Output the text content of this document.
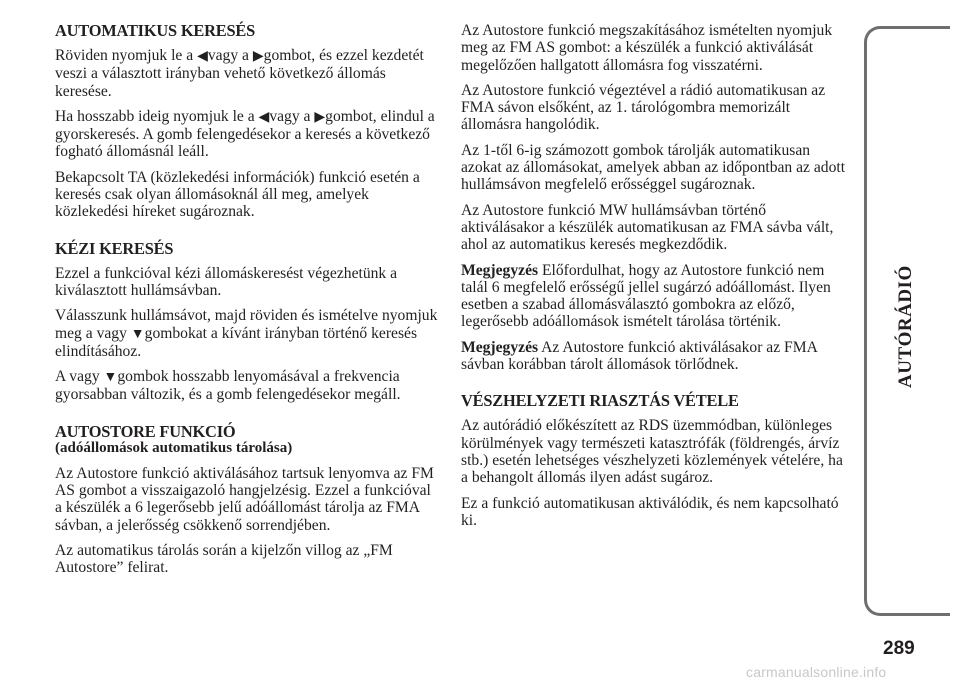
AUTOMATIKUS KERESÉS

Röviden nyomjuk le a ◀vagy a ▶gombot, és ezzel kezdetét veszi a választott irányban vehető következő állomás keresése.

Ha hosszabb ideig nyomjuk le a ◀vagy a ▶gombot, elindul a gyorskeresés. A gomb felengedésekor a keresés a következő fogható állomásnál leáll.

Bekapcsolt TA (közlekedési információk) funkció esetén a keresés csak olyan állomásoknál áll meg, amelyek közlekedési híreket sugároznak.

KÉZI KERESÉS

Ezzel a funkcióval kézi állomáskeresést végezhetünk a kiválasztott hullámsávban.

Válasszunk hullámsávot, majd röviden és ismételve nyomjuk meg a vagy ▼gombokat a kívánt irányban történő keresés elindításához.

A vagy ▼gombok hosszabb lenyomásával a frekvencia gyorsabban változik, és a gomb felengedésekor megáll.

AUTOSTORE FUNKCIÓ
(adóállomások automatikus tárolása)

Az Autostore funkció aktiválásához tartsuk lenyomva az FM AS gombot a visszaigazoló hangjelzésig. Ezzel a funkcióval a készülék a 6 legerősebb jelű adóállomást tárolja az FMA sávban, a jelerősség csökkenő sorrendjében.

Az automatikus tárolás során a kijelzőn villog az „FM Autostore” felirat.

Az Autostore funkció megszakításához ismételten nyomjuk meg az FM AS gombot: a készülék a funkció aktiválását megelőzően hallgatott állomásra fog visszatérni.

Az Autostore funkció végeztével a rádió automatikusan az FMA sávon elsőként, az 1. tárológombra memorizált állomásra hangolódik.

Az 1-től 6-ig számozott gombok tárolják automatikusan azokat az állomásokat, amelyek abban az időpontban az adott hullámsávon megfelelő erősséggel sugároznak.

Az Autostore funkció MW hullámsávban történő aktiválásakor a készülék automatikusan az FMA sávba vált, ahol az automatikus keresés megkezdődik.

Megjegyzés Előfordulhat, hogy az Autostore funkció nem talál 6 megfelelő erősségű jellel sugárzó adóállomást. Ilyen esetben a szabad állomásválasztó gombokra az előző, legerősebb adóállomások ismételt tárolása történik.

Megjegyzés Az Autostore funkció aktiválásakor az FMA sávban korábban tárolt állomások törlődnek.

VÉSZHELYZETI RIASZTÁS VÉTELE

Az autórádió előkészített az RDS üzemmódban, különleges körülmények vagy természeti katasztrófák (földrengés, árvíz stb.) esetén lehetséges vészhelyzeti közlemények vételére, ha a behangolt állomás ilyen adást sugároz.

Ez a funkció automatikusan aktiválódik, és nem kapcsolható ki.

AUTÓRÁDIÓ
289
carmanualsonline.info
